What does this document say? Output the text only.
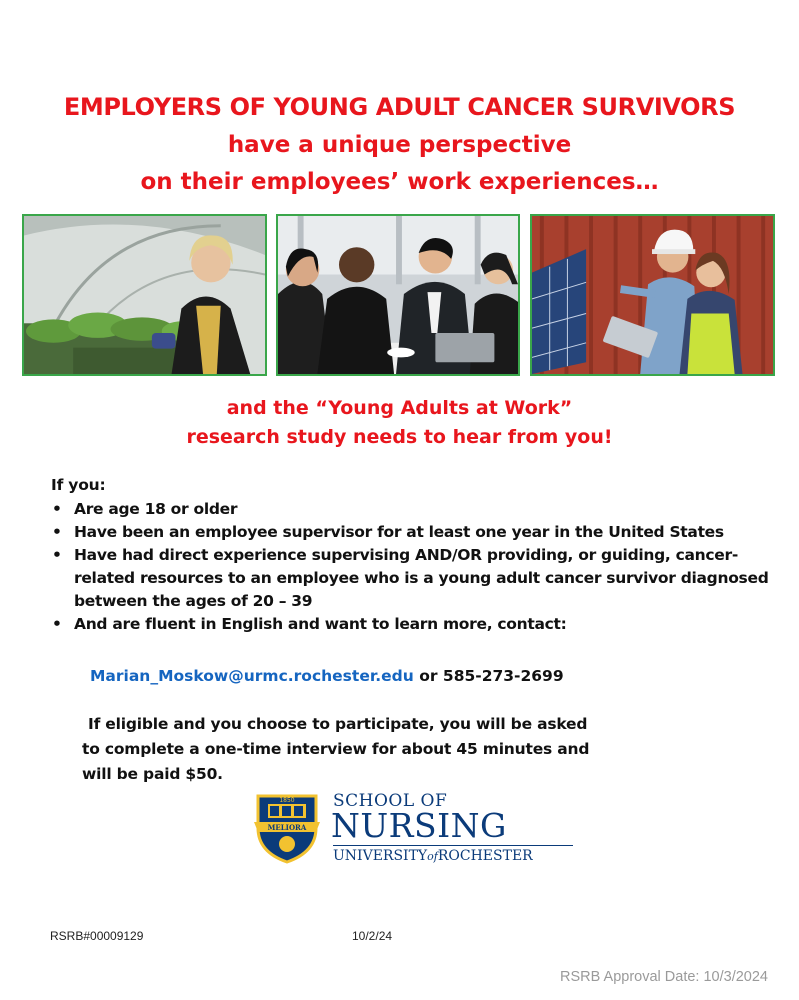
EMPLOYERS OF YOUNG ADULT CANCER SURVIVORS

have a unique perspective

on their employees’ work experiences…

and the “Young Adults at Work”

research study needs to hear from you!

If you:

• Are age 18 or older
• Have been an employee supervisor for at least one year in the United States
• Have had direct experience supervising AND/OR providing, or guiding, cancer-related resources to an employee who is a young adult cancer survivor diagnosed between the ages of 20 – 39
• And are fluent in English and want to learn more, contact:
Marian_Moskow@urmc.rochester.edu or 585-273-2699
If eligible and you choose to participate, you will be asked
to complete a one-time interview for about 45 minutes and
will be paid $50.
1850
MELIORA
SCHOOL OF
NURSING
UNIVERSITYofROCHESTER
RSRB#00009129	10/2/24
RSRB Approval Date: 10/3/2024
